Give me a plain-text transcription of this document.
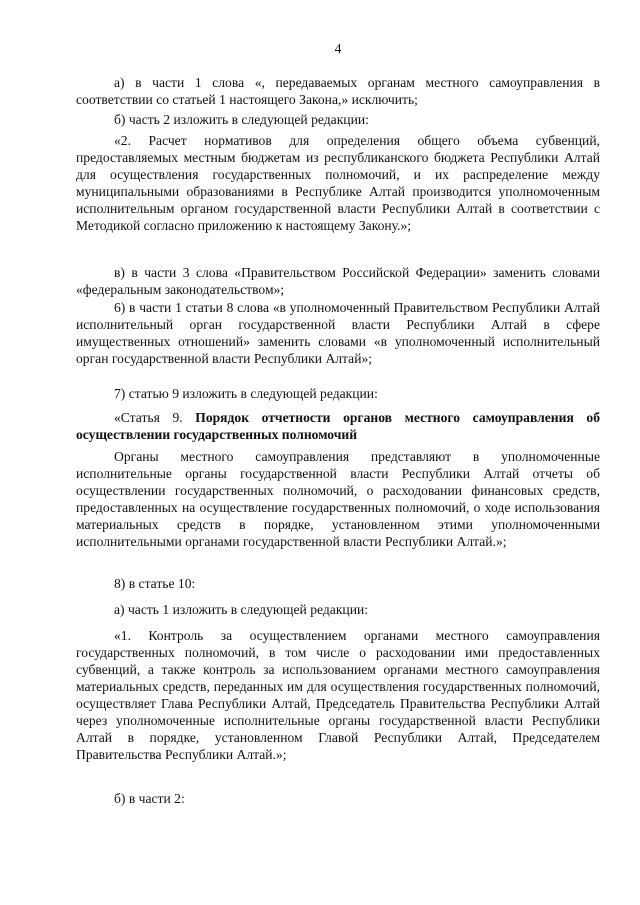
4

а) в части 1 слова «, передаваемых органам местного самоуправления в соответствии со статьей 1 настоящего Закона,» исключить;

б) часть 2 изложить в следующей редакции:

«2. Расчет нормативов для определения общего объема субвенций, предоставляемых местным бюджетам из республиканского бюджета Республики Алтай для осуществления государственных полномочий, и их распределение между муниципальными образованиями в Республике Алтай производится уполномоченным исполнительным органом государственной власти Республики Алтай в соответствии с Методикой согласно приложению к настоящему Закону.»;

в) в части 3 слова «Правительством Российской Федерации» заменить словами «федеральным законодательством»;

6) в части 1 статьи 8 слова «в уполномоченный Правительством Республики Алтай исполнительный орган государственной власти Республики Алтай в сфере имущественных отношений» заменить словами «в уполномоченный исполнительный орган государственной власти Республики Алтай»;

7) статью 9 изложить в следующей редакции:

«Статья 9. Порядок отчетности органов местного самоуправления об осуществлении государственных полномочий

Органы местного самоуправления представляют в уполномоченные исполнительные органы государственной власти Республики Алтай отчеты об осуществлении государственных полномочий, о расходовании финансовых средств, предоставленных на осуществление государственных полномочий, о ходе использования материальных средств в порядке, установленном этими уполномоченными исполнительными органами государственной власти Республики Алтай.»;

8) в статье 10:

а) часть 1 изложить в следующей редакции:

«1. Контроль за осуществлением органами местного самоуправления государственных полномочий, в том числе о расходовании ими предоставленных субвенций, а также контроль за использованием органами местного самоуправления материальных средств, переданных им для осуществления государственных полномочий, осуществляет Глава Республики Алтай, Председатель Правительства Республики Алтай через уполномоченные исполнительные органы государственной власти Республики Алтай в порядке, установленном Главой Республики Алтай, Председателем Правительства Республики Алтай.»;

б) в части 2:
